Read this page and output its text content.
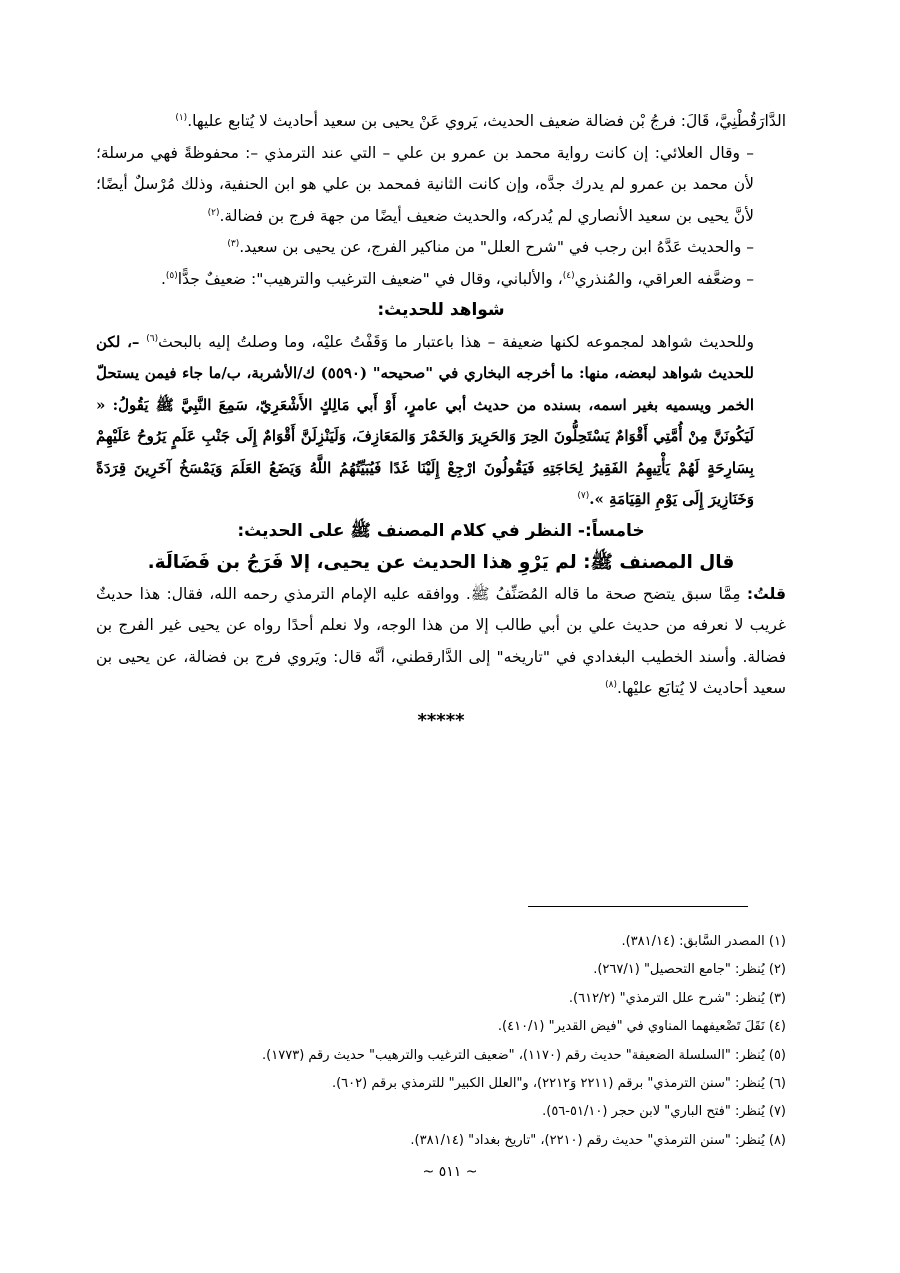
الدَّارَقُطْنِيَّ، قَالَ: فرجُ بْن فضالة ضعيف الحديث، يَروي عَنْ يحيى بن سعيد أحاديث لا يُتابع عليها.$^{(١)}$

– وقال العلائي: إن كانت رواية محمد بن عمرو بن علي – التي عند الترمذي –: محفوظةً فهي مرسلة؛ لأن محمد بن عمرو لم يدرك جدَّه، وإن كانت الثانية فمحمد بن علي هو ابن الحنفية، وذلك مُرْسلٌ أيضًا؛ لأنَّ يحيى بن سعيد الأنصاري لم يُدركه، والحديث ضعيف أيضًا من جهة فرج بن فضالة.$^{(٢)}$

– والحديث عَدَّهُ ابن رجب في "شرح العلل" من مناكير الفرج، عن يحيى بن سعيد.$^{(٣)}$

– وضعَّفه العراقي، والمُنذري$^{(٤)}$، والألباني، وقال في "ضعيف الترغيب والترهيب": ضعيفٌ جدًّا$^{(٥)}$.

شواهد للحديث:

وللحديث شواهد لمجموعه لكنها ضعيفة – هذا باعتبار ما وَقَفْتُ عليْه، وما وصلتُ إليه بالبحث$^{(٦)}$ –، لكن للحديث شواهد لبعضه، منها: ما أخرجه البخاري في "صحيحه" (٥٥٩٠) ك/الأشربة، ب/ما جاء فيمن يستحلّ الخمر ويسميه بغير اسمه، بسنده من حديث أبي عامرٍ، أَوْ أَبي مَالِكٍ الأَشْعَرِيّ، سَمِعَ النَّبِيَّ ﷺ يَقُولُ: « لَيَكُونَنَّ مِنْ أُمَّتِي أَقْوَامٌ يَسْتَحِلُّونَ الحِرَ وَالحَرِيرَ وَالخَمْرَ وَالمَعَازِفَ، وَلَيَنْزِلَنَّ أَقْوَامٌ إِلَى جَنْبِ عَلَمٍ يَرُوحُ عَلَيْهِمْ بِسَارِحَةٍ لَهُمْ يَأْتِيهِمُ الفَقِيرُ لِحَاجَتِهِ فَيَقُولُونَ ارْجِعْ إِلَيْنَا غَدًا فَيُبَيِّتُهُمُ اللَّهُ وَيَضَعُ العَلَمَ وَيَمْسَخُ آخَرِينَ قِرَدَةً وَخَنَازِيرَ إِلَى يَوْمِ القِيَامَةِ ».$^{(٧)}$

خامساً:- النظر في كلام المصنف ﷺ على الحديث:

قال المصنف ﷺ: لم يَرْوِ هذا الحديث عن يحيى، إلا فَرَجُ بن فَضَالَة.

قلتُ: مِمَّا سبق يتضح صحة ما قاله المُصَنِّفُ ﷺ. ووافقه عليه الإمام الترمذي رحمه الله، فقال: هذا حديثٌ غريب لا نعرفه من حديث علي بن أبي طالب إلا من هذا الوجه، ولا نعلم أحدًا رواه عن يحيى غير الفرج بن فضالة. وأسند الخطيب البغدادي في "تاريخه" إلى الدَّارقطني، أنَّه قال: ويَروي فرج بن فضالة، عن يحيى بن سعيد أحاديث لا يُتابَع عليْها.$^{(٨)}$

*****

(١) المصدر السَّابق: (٣٨١/١٤).
(٢) يُنظر: "جامع التحصيل" (٢٦٧/١).
(٣) يُنظر: "شرح علل الترمذي" (٦١٢/٢).
(٤) نَقَلَ تَضْعيفهما المناوي في "فيض القدير" (٤١٠/١).
(٥) يُنظر: "السلسلة الضعيفة" حديث رقم (١١٧٠)، "ضعيف الترغيب والترهيب" حديث رقم (١٧٧٣).
(٦) يُنظر: "سنن الترمذي" برقم (٢٢١١ وَ٢٢١٢)، و"العلل الكبير" للترمذي برقم (٦٠٢).
(٧) يُنظر: "فتح الباري" لابن حجر (٥١/١٠-٥٦).
(٨) يُنظر: "سنن الترمذي" حديث رقم (٢٢١٠)، "تاريخ بغداد" (٣٨١/١٤).
~ ٥١١ ~
